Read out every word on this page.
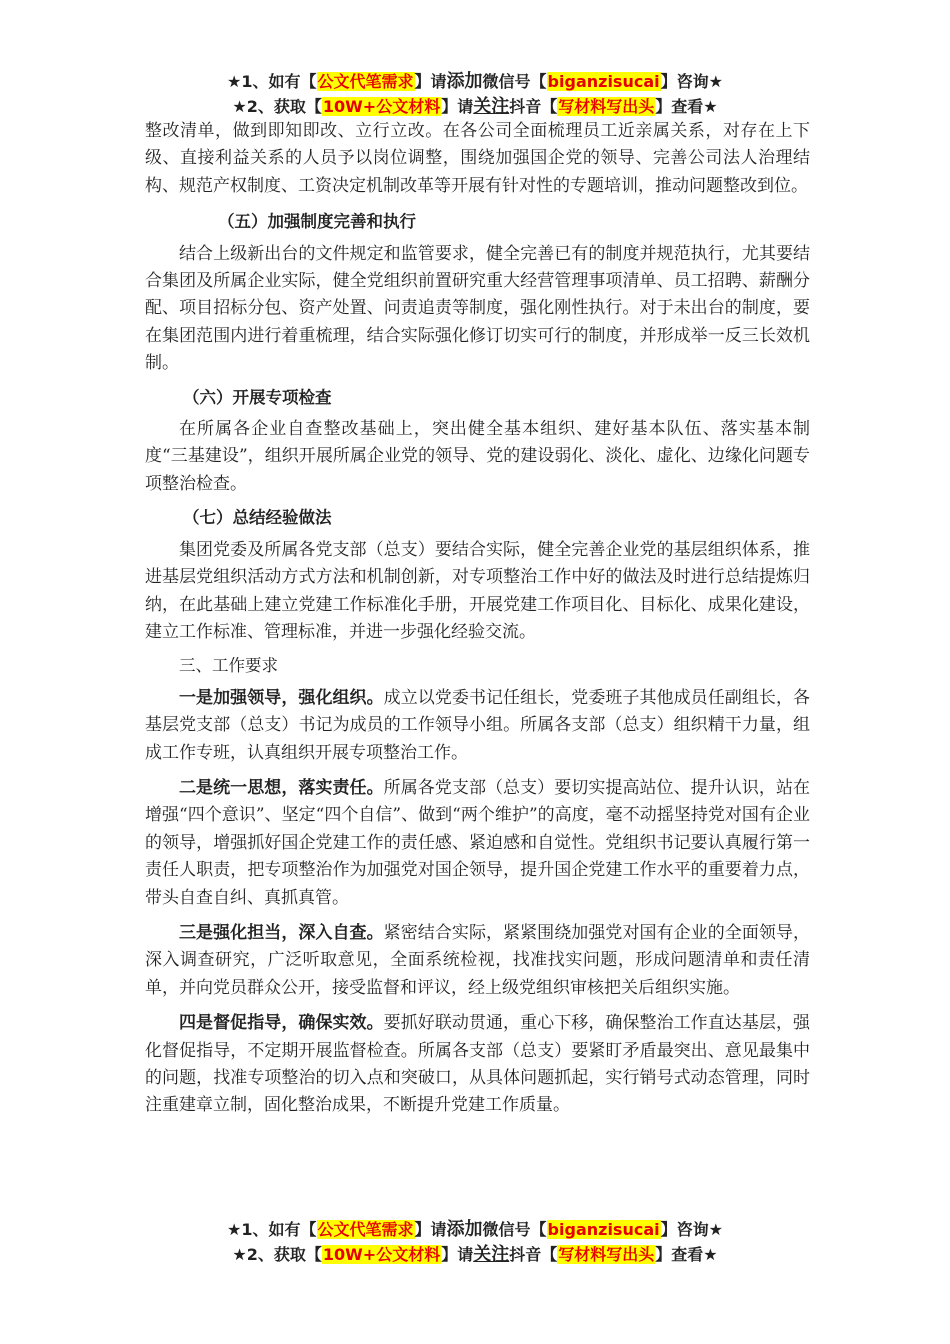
★1、如有【公文代笔需求】请添加微信号【biganzisucai】咨询★
★2、获取【10W+公文材料】请关注抖音【写材料写出头】查看★

整改清单，做到即知即改、立行立改。在各公司全面梳理员工近亲属关系，对存在上下级、直接利益关系的人员予以岗位调整，围绕加强国企党的领导、完善公司法人治理结构、规范产权制度、工资决定机制改革等开展有针对性的专题培训，推动问题整改到位。

（五）加强制度完善和执行

结合上级新出台的文件规定和监管要求，健全完善已有的制度并规范执行，尤其要结合集团及所属企业实际，健全党组织前置研究重大经营管理事项清单、员工招聘、薪酬分配、项目招标分包、资产处置、问责追责等制度，强化刚性执行。对于未出台的制度，要在集团范围内进行着重梳理，结合实际强化修订切实可行的制度，并形成举一反三长效机制。

（六）开展专项检查

在所属各企业自查整改基础上，突出健全基本组织、建好基本队伍、落实基本制度“三基建设”，组织开展所属企业党的领导、党的建设弱化、淡化、虚化、边缘化问题专项整治检查。

（七）总结经验做法

集团党委及所属各党支部（总支）要结合实际，健全完善企业党的基层组织体系，推进基层党组织活动方式方法和机制创新，对专项整治工作中好的做法及时进行总结提炼归纳，在此基础上建立党建工作标准化手册，开展党建工作项目化、目标化、成果化建设，建立工作标准、管理标准，并进一步强化经验交流。

三、工作要求

一是加强领导，强化组织。成立以党委书记任组长，党委班子其他成员任副组长，各基层党支部（总支）书记为成员的工作领导小组。所属各支部（总支）组织精干力量，组成工作专班，认真组织开展专项整治工作。

二是统一思想，落实责任。所属各党支部（总支）要切实提高站位、提升认识，站在增强“四个意识”、坚定“四个自信”、做到“两个维护”的高度，毫不动摇坚持党对国有企业的领导，增强抓好国企党建工作的责任感、紧迫感和自觉性。党组织书记要认真履行第一责任人职责，把专项整治作为加强党对国企领导，提升国企党建工作水平的重要着力点，带头自查自纠、真抓真管。

三是强化担当，深入自查。紧密结合实际，紧紧围绕加强党对国有企业的全面领导，深入调查研究，广泛听取意见，全面系统检视，找准找实问题，形成问题清单和责任清单，并向党员群众公开，接受监督和评议，经上级党组织审核把关后组织实施。

四是督促指导，确保实效。要抓好联动贯通，重心下移，确保整治工作直达基层，强化督促指导，不定期开展监督检查。所属各支部（总支）要紧盯矛盾最突出、意见最集中的问题，找准专项整治的切入点和突破口，从具体问题抓起，实行销号式动态管理，同时注重建章立制，固化整治成果，不断提升党建工作质量。

★1、如有【公文代笔需求】请添加微信号【biganzisucai】咨询★
★2、获取【10W+公文材料】请关注抖音【写材料写出头】查看★
